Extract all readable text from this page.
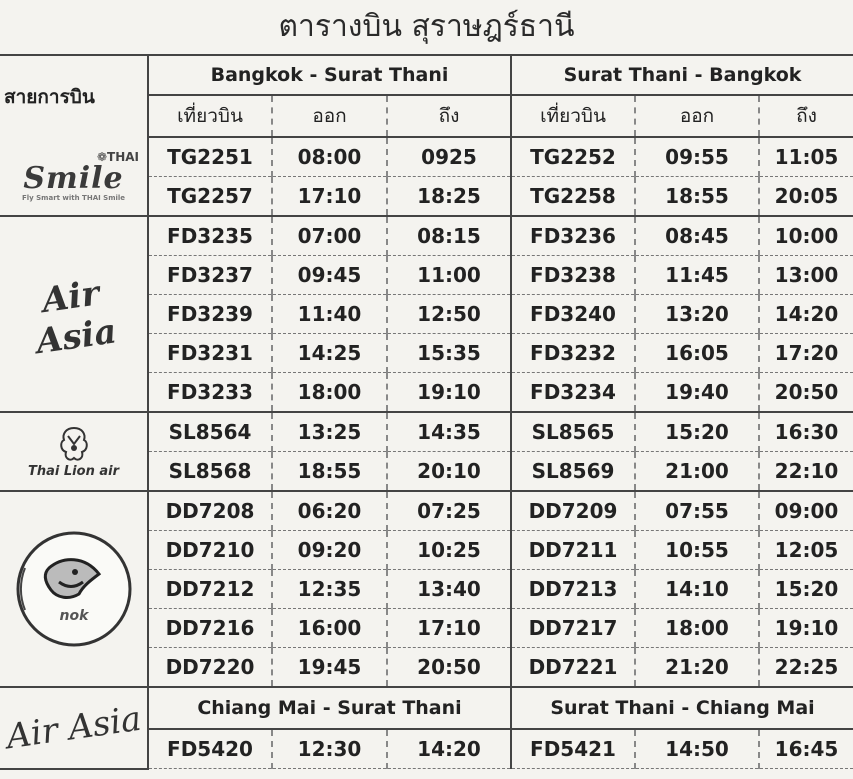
ตารางบิน สุราษฎร์ธานี
สายการบิน	Bangkok - Surat Thani			Surat Thani - Bangkok		
	เที่ยวบิน	ออก	ถึง	เที่ยวบิน	ออก	ถึง

❁THAI
Smile
Fly Smart with THAI Smile	TG2251	08:00	0925	TG2252	09:55	11:05
	TG2257	17:10	18:25	TG2258	18:55	20:05

Air Asia	FD3235	07:00	08:15	FD3236	08:45	10:00
	FD3237	09:45	11:00	FD3238	11:45	13:00
	FD3239	11:40	12:50	FD3240	13:20	14:20
	FD3231	14:25	15:35	FD3232	16:05	17:20
	FD3233	18:00	19:10	FD3234	19:40	20:50

Thai Lion air	SL8564	13:25	14:35	SL8565	15:20	16:30
	SL8568	18:55	20:10	SL8569	21:00	22:10

nok	DD7208	06:20	07:25	DD7209	07:55	09:00
	DD7210	09:20	10:25	DD7211	10:55	12:05
	DD7212	12:35	13:40	DD7213	14:10	15:20
	DD7216	16:00	17:10	DD7217	18:00	19:10
	DD7220	19:45	20:50	DD7221	21:20	22:25

Air Asia	Chiang Mai - Surat Thani			Surat Thani - Chiang Mai		
	FD5420	12:30	14:20	FD5421	14:50	16:45
